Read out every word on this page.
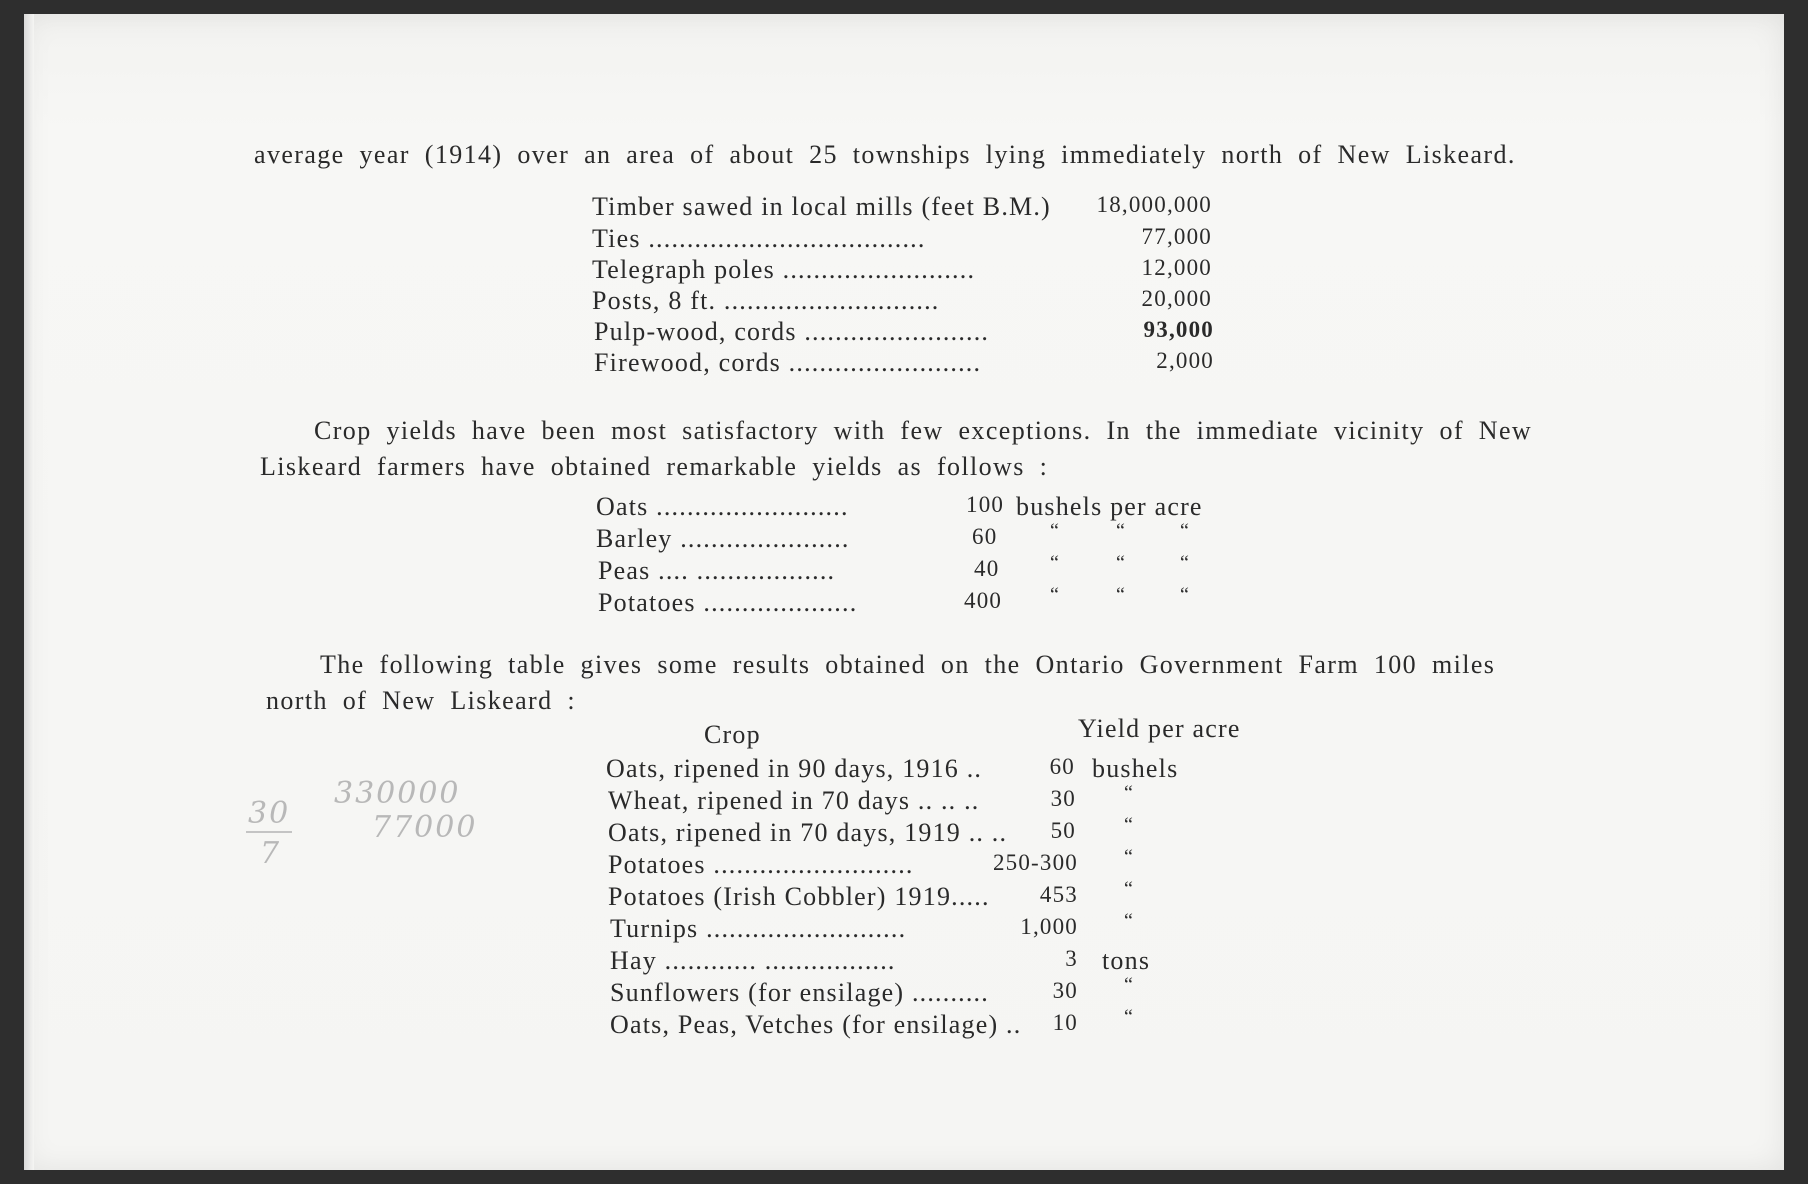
average year (1914) over an area of about 25 townships lying immediately north of New Liskeard.
Timber sawed in local mills (feet B.M.) 18,000,000
Ties ....................................	77,000
Telegraph poles .........................	12,000
Posts, 8 ft. ............................	20,000
Pulp-wood, cords ........................	93,000
Firewood, cords .........................	2,000
Crop yields have been most satisfactory with few exceptions. In the immediate vicinity of New
Liskeard farmers have obtained remarkable yields as follows :
Oats .........................	100 bushels per acre
Barley ......................	60	“	“	“
Peas .... ..................	40	“	“	“
Potatoes ....................	400 “	“	“
The following table gives some results obtained on the Ontario Government Farm 100 miles
north of New Liskeard :
Crop	Yield per acre
Oats, ripened in 90 days, 1916 ..	60 bushels
Wheat, ripened in 70 days .. .. ..	30 “
Oats, ripened in 70 days, 1919 .. .. 50 “
Potatoes ..........................	250-300 “
Potatoes (Irish Cobbler) 1919..... 453 “
Turnips ..........................	1,000 “
Hay ............ .................	3 tons
Sunflowers (for ensilage) ..........	30 “
Oats, Peas, Vetches (for ensilage) .. 10 “
30
7
330000
77000
